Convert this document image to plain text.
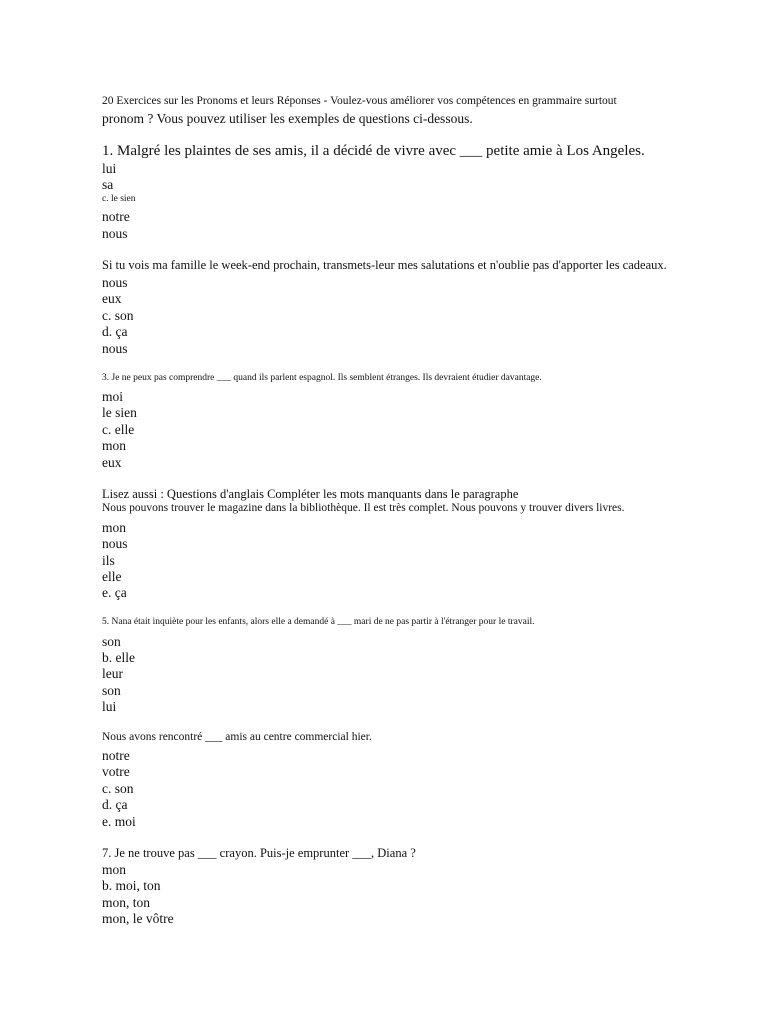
20 Exercices sur les Pronoms et leurs Réponses - Voulez-vous améliorer vos compétences en grammaire surtout
pronom ? Vous pouvez utiliser les exemples de questions ci-dessous.
1. Malgré les plaintes de ses amis, il a décidé de vivre avec ___ petite amie à Los Angeles.
lui
sa
c. le sien
notre
nous
Si tu vois ma famille le week-end prochain, transmets-leur mes salutations et n'oublie pas d'apporter les cadeaux.
nous
eux
c. son
d. ça
nous
3. Je ne peux pas comprendre ___ quand ils parlent espagnol. Ils semblent étranges. Ils devraient étudier davantage.
moi
le sien
c. elle
mon
eux
Lisez aussi : Questions d'anglais Compléter les mots manquants dans le paragraphe
Nous pouvons trouver le magazine dans la bibliothèque. Il est très complet. Nous pouvons y trouver divers livres.
mon
nous
ils
elle
e. ça
5. Nana était inquiète pour les enfants, alors elle a demandé à ___ mari de ne pas partir à l'étranger pour le travail.
son
b. elle
leur
son
lui
Nous avons rencontré ___ amis au centre commercial hier.
notre
votre
c. son
d. ça
e. moi
7. Je ne trouve pas ___ crayon. Puis-je emprunter ___, Diana ?
mon
b. moi, ton
mon, ton
mon, le vôtre
